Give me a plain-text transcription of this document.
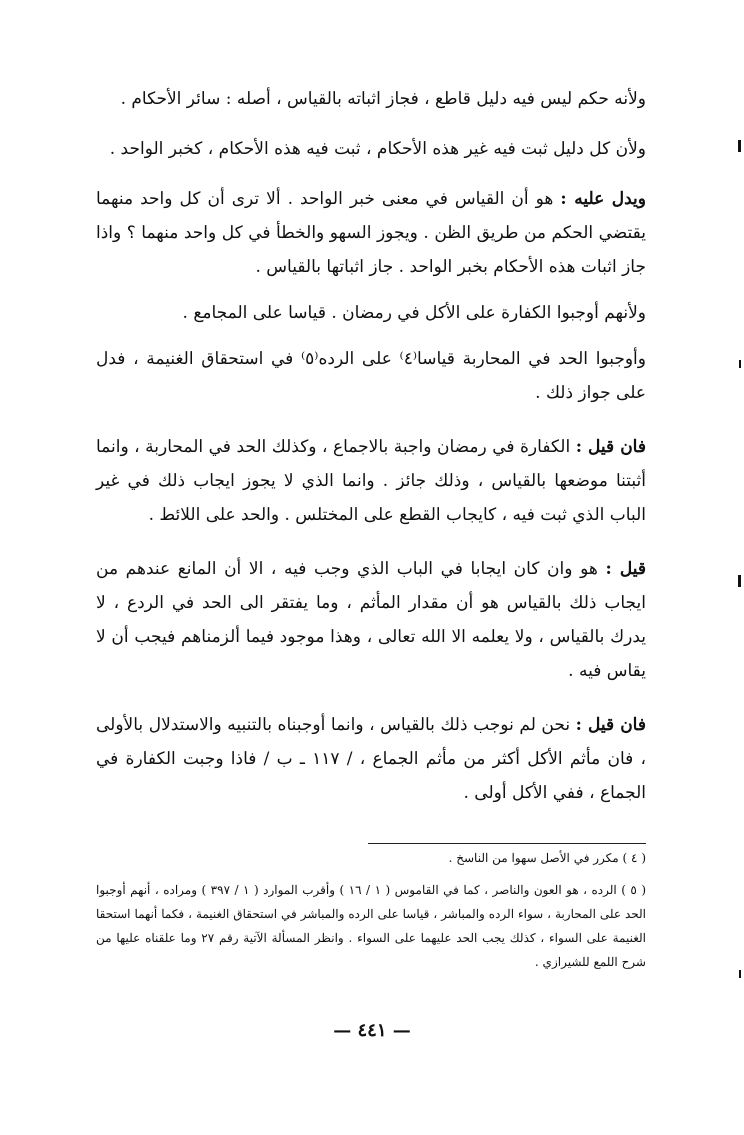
ولأنه حكم ليس فيه دليل قاطع ، فجاز اثباته بالقياس ، أصله : سائر الأحكام .

ولأن كل دليل ثبت فيه غير هذه الأحكام ، ثبت فيه هذه الأحكام ، كخبر الواحد .

ويدل عليه : هو أن القياس في معنى خبر الواحد . ألا ترى أن كل واحد منهما يقتضي الحكم من طريق الظن . ويجوز السهو والخطأ في كل واحد منهما ؟ واذا جاز اثبات هذه الأحكام بخبر الواحد . جاز اثباتها بالقياس .

ولأنهم أوجبوا الكفارة على الأكل في رمضان . قياسا على المجامع .

وأوجبوا الحد في المحاربة قياسا⁽٤⁾ على الرده⁽٥⁾ في استحقاق الغنيمة ، فدل على جواز ذلك .

فان قيل : الكفارة في رمضان واجبة بالاجماع ، وكذلك الحد في المحاربة ، وانما أثبتنا موضعها بالقياس ، وذلك جائز . وانما الذي لا يجوز ايجاب ذلك في غير الباب الذي ثبت فيه ، كايجاب القطع على المختلس . والحد على اللائط .

قيل : هو وان كان ايجابا في الباب الذي وجب فيه ، الا أن المانع عندهم من ايجاب ذلك بالقياس هو أن مقدار المأثم ، وما يفتقر الى الحد في الردع ، لا يدرك بالقياس ، ولا يعلمه الا الله تعالى ، وهذا موجود فيما ألزمناهم فيجب أن لا يقاس فيه .

فان قيل : نحن لم نوجب ذلك بالقياس ، وانما أوجبناه بالتنبيه والاستدلال بالأولى ، فان مأثم الأكل أكثر من مأثم الجماع ، / ١١٧ ـ ب / فاذا وجبت الكفارة في الجماع ، ففي الأكل أولى .

( ٤ ) مكرر في الأصل سهوا من الناسخ .

( ٥ ) الرده ، هو العون والناصر ، كما في القاموس ( ١ / ١٦ ) وأقرب الموارد ( ١ / ٣٩٧ ) ومراده ، أنهم أوجبوا الحد على المحاربة ، سواء الرده والمباشر ، قياسا على الرده والمباشر في استحقاق الغنيمة ، فكما أنهما استحقا الغنيمة على السواء ، كذلك يجب الحد عليهما على السواء . وانظر المسألة الآتية رقم ٢٧ وما علقناه عليها من شرح اللمع للشيرازي .

— ٤٤١ —
